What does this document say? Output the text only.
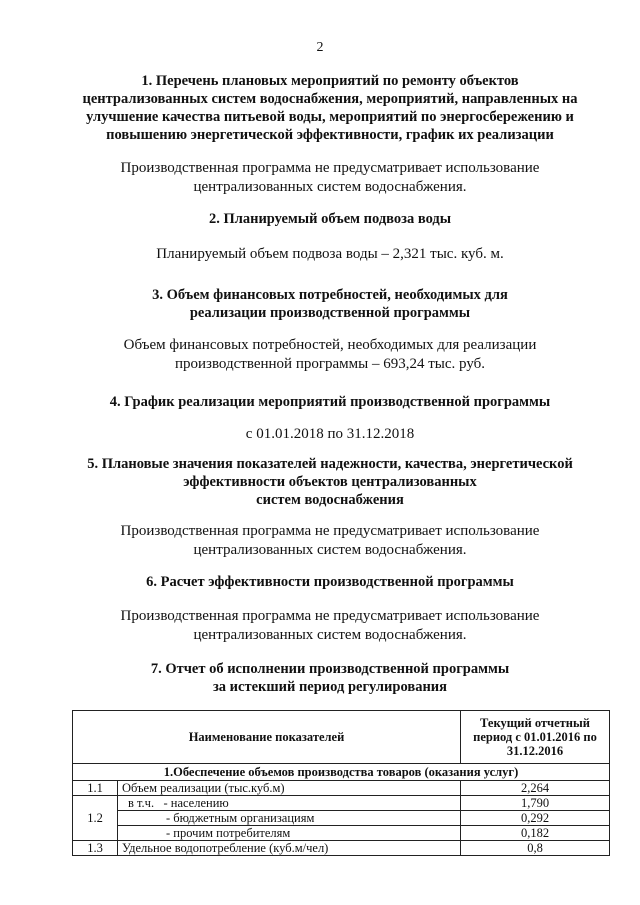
2
1. Перечень плановых мероприятий по ремонту объектов
централизованных систем водоснабжения, мероприятий, направленных на
улучшение качества питьевой воды, мероприятий по энергосбережению и
повышению энергетической эффективности, график их реализации
Производственная программа не предусматривает использование
централизованных систем водоснабжения.
2. Планируемый объем подвоза воды
Планируемый объем подвоза воды – 2,321 тыс. куб. м.
3. Объем финансовых потребностей, необходимых для
реализации производственной программы
Объем финансовых потребностей, необходимых для реализации
производственной программы – 693,24 тыс. руб.
4. График реализации мероприятий производственной программы
с 01.01.2018 по 31.12.2018
5. Плановые значения показателей надежности, качества, энергетической
эффективности объектов централизованных
систем водоснабжения
Производственная программа не предусматривает использование
централизованных систем водоснабжения.
6. Расчет эффективности производственной программы
Производственная программа не предусматривает использование
централизованных систем водоснабжения.
7. Отчет об исполнении производственной программы
за истекший период регулирования
Наименование показателей		Текущий отчетный период с 01.01.2016 по 31.12.2016
1.Обеспечение объемов производства товаров (оказания услуг)		
1.1	Объем реализации (тыс.куб.м)	2,264
1.2	в т.ч.   - населению	1,790
	- бюджетным организациям	0,292
	- прочим потребителям	0,182
1.3	Удельное водопотребление (куб.м/чел)	0,8
